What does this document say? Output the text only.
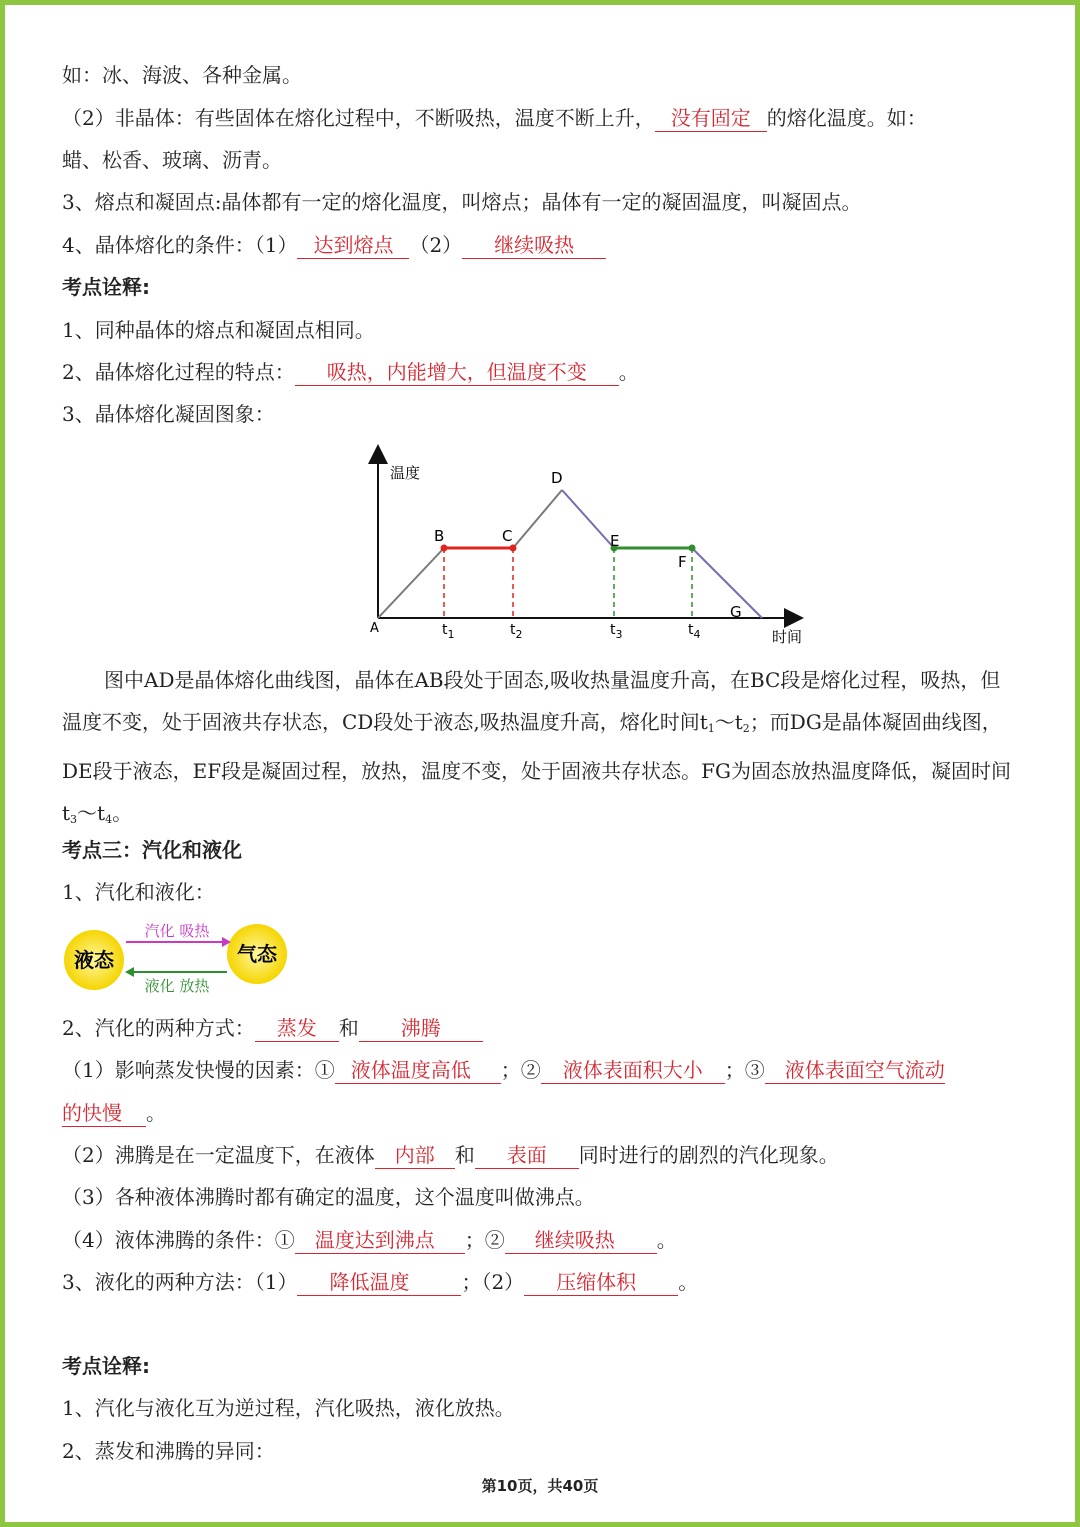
如：冰、海波、各种金属。
（2）非晶体：有些固体在熔化过程中，不断吸热，温度不断上升， 没有固定 的熔化温度。如：
蜡、松香、玻璃、沥青。
3、熔点和凝固点:晶体都有一定的熔化温度，叫熔点；晶体有一定的凝固温度，叫凝固点。
4、晶体熔化的条件：（1） 达到熔点 （2） 继续吸热
考点诠释:
1、同种晶体的熔点和凝固点相同。
2、晶体熔化过程的特点： 吸热，内能增大，但温度不变 。
3、晶体熔化凝固图象：
温度
时间
A
B	C
D
E
F
G
$t_1$	$t_2$	$t_3$	$t_4$

图中AD是晶体熔化曲线图，晶体在AB段处于固态,吸收热量温度升高，在BC段是熔化过程，吸热，但温度不变，处于固液共存状态，CD段处于液态,吸热温度升高，熔化时间$t_1\sim t_2$；而DG是晶体凝固曲线图，DE段于液态，EF段是凝固过程，放热，温度不变，处于固液共存状态。FG为固态放热温度降低，凝固时间$t_3\sim t_4$。

考点三：汽化和液化
1、汽化和液化：
液态	气态
汽化 吸热
液化 放热
2、汽化的两种方式： 蒸发 和 沸腾
（1）影响蒸发快慢的因素：① 液体温度高低 ；② 液体表面积大小 ；③ 液体表面空气流动
的快慢 。
（2）沸腾是在一定温度下，在液体 内部 和 表面 同时进行的剧烈的汽化现象。
（3）各种液体沸腾时都有确定的温度，这个温度叫做沸点。
（4）液体沸腾的条件：① 温度达到沸点 ；② 继续吸热 。
3、液化的两种方法：（1） 降低温度	；（2） 压缩体积 。
考点诠释:
1、汽化与液化互为逆过程，汽化吸热，液化放热。
2、蒸发和沸腾的异同：
第10页，共40页
